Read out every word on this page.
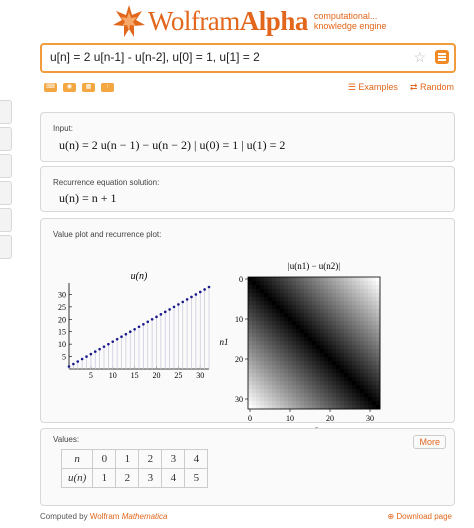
WolframAlpha computational...
knowledge engine
u[n] = 2 u[n-1] - u[n-2], u[0] = 1, u[1] = 2	☆
⌨	◉	▦	↑	☰ Examples ⇄ Random
Input:
u(n) = 2 u(n − 1) − u(n − 2) | u(0) = 1 | u(1) = 2
Recurrence equation solution:
u(n) = n + 1
Value plot and recurrence plot:
u(n)
5 10 15 20 25 30
5
10
15
20
25
30
|u(n1) − u(n2)|
0	10	20	30
0
10
20
30
n1
Values:	More
n	0	1	2	3	4
u(n)	1	2	3	4	5
Computed by Wolfram Mathematica	⊕ Download page
